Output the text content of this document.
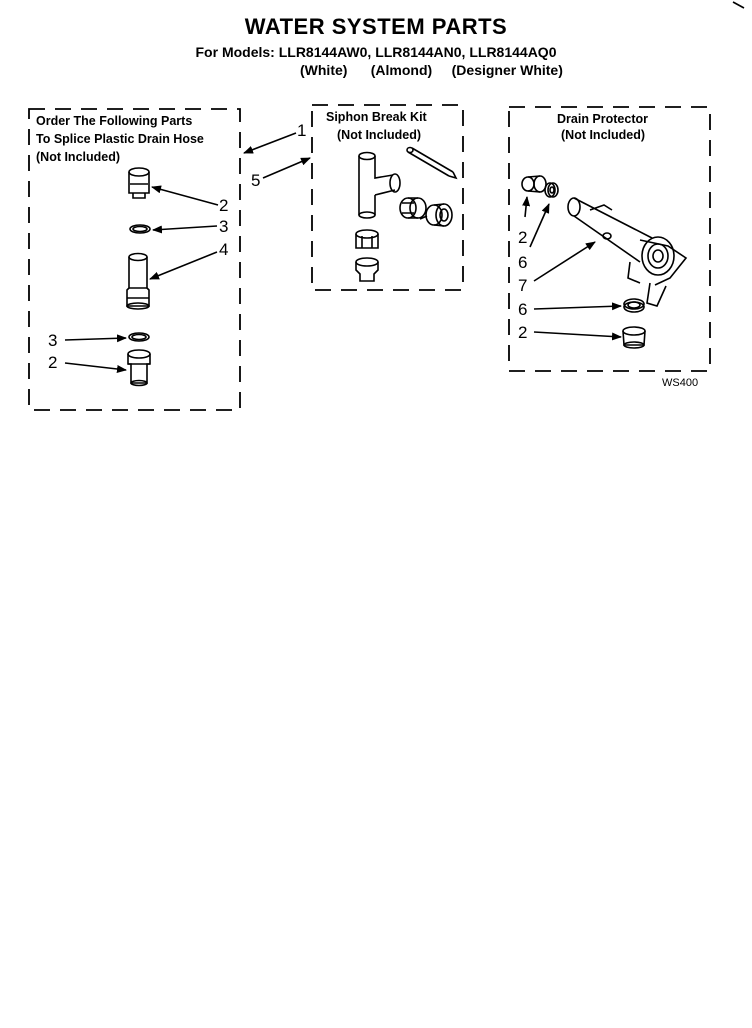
WATER SYSTEM PARTS
For Models: LLR8144AW0, LLR8144AN0, LLR8144AQ0
(White)      (Almond)     (Designer White)
Order The Following Parts
To Splice Plastic Drain Hose
(Not Included)
Siphon Break Kit
(Not Included)
Drain Protector
(Not Included)
1
5
2
3
4
3
2
2
6
7
6
2
WS400
